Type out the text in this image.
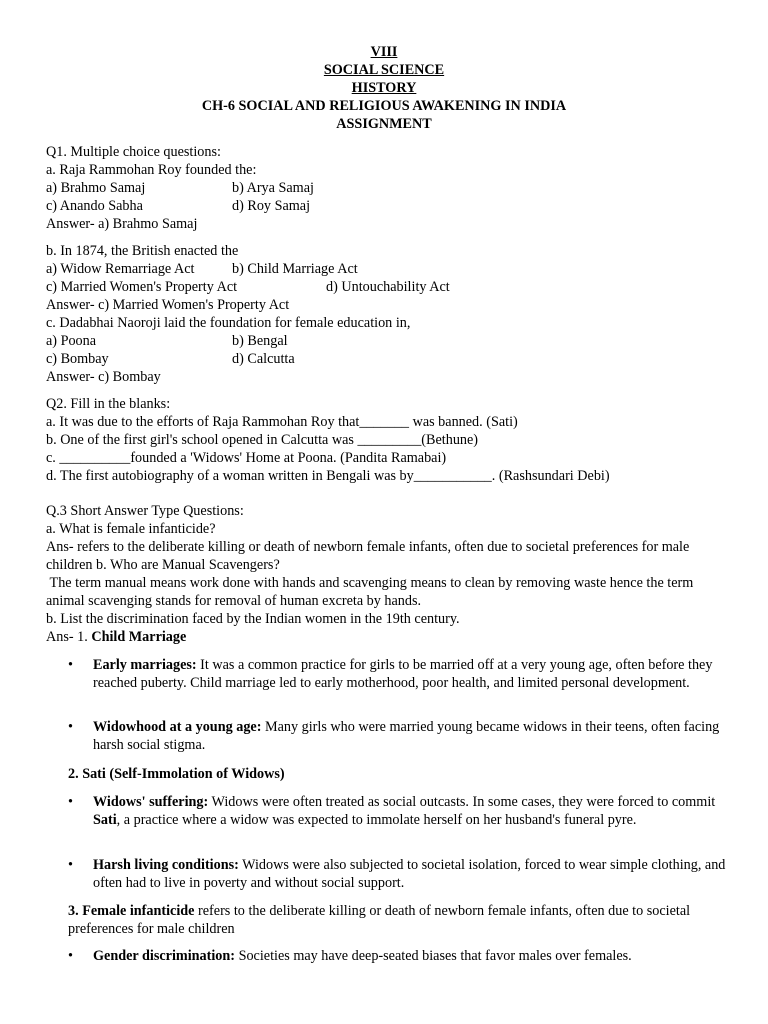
VIII
SOCIAL SCIENCE
HISTORY
CH-6 SOCIAL AND RELIGIOUS AWAKENING IN INDIA
ASSIGNMENT
Q1. Multiple choice questions:
a. Raja Rammohan Roy founded the:
a) Brahmo Samaj	b) Arya Samaj
c) Anando Sabha	d) Roy Samaj
Answer- a) Brahmo Samaj
b. In 1874, the British enacted the
a) Widow Remarriage Act	b) Child Marriage Act
c) Married Women's Property Act	d) Untouchability Act
Answer- c) Married Women's Property Act
c. Dadabhai Naoroji laid the foundation for female education in,
a) Poona	b) Bengal
c) Bombay	d) Calcutta
Answer- c) Bombay
Q2. Fill in the blanks:
a. It was due to the efforts of Raja Rammohan Roy that_______ was banned. (Sati)
b. One of the first girl's school opened in Calcutta was _________(Bethune)
c. __________founded a 'Widows' Home at Poona. (Pandita Ramabai)
d. The first autobiography of a woman written in Bengali was by___________. (Rashsundari Debi)
Q.3 Short Answer Type Questions:
a. What is female infanticide?
Ans- refers to the deliberate killing or death of newborn female infants, often due to societal preferences for male children b. Who are Manual Scavengers?
The term manual means work done with hands and scavenging means to clean by removing waste hence the term animal scavenging stands for removal of human excreta by hands.
b. List the discrimination faced by the Indian women in the 19th century.
Ans- 1. Child Marriage
• Early marriages: It was a common practice for girls to be married off at a very young age, often before they reached puberty. Child marriage led to early motherhood, poor health, and limited personal development.
• Widowhood at a young age: Many girls who were married young became widows in their teens, often facing harsh social stigma.
2. Sati (Self-Immolation of Widows)
• Widows' suffering: Widows were often treated as social outcasts. In some cases, they were forced to commit Sati, a practice where a widow was expected to immolate herself on her husband's funeral pyre.
• Harsh living conditions: Widows were also subjected to societal isolation, forced to wear simple clothing, and often had to live in poverty and without social support.
3. Female infanticide refers to the deliberate killing or death of newborn female infants, often due to societal preferences for male children
• Gender discrimination: Societies may have deep-seated biases that favor males over females.
